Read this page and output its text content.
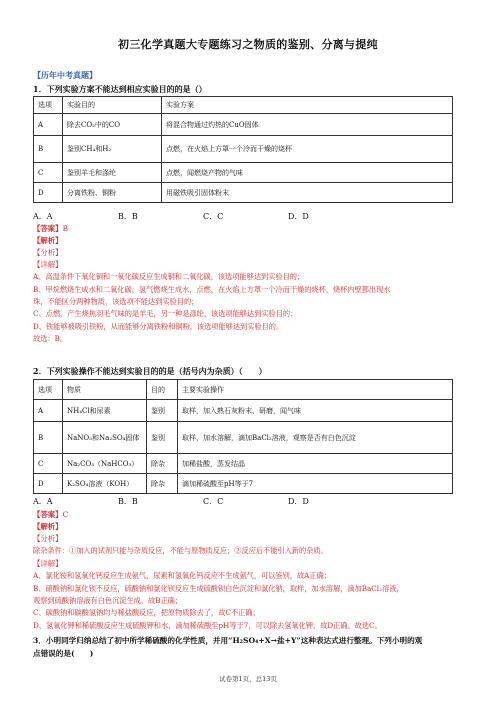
初三化学真题大专题练习之物质的鉴别、分离与提纯
【历年中考真题】
1．下列实验方案不能达到相应实验目的的是（）
选项	实验目的	实验方案
A	除去CO₂中的CO	将混合物通过灼热的CuO固体
B	鉴别CH₄和H₂	点燃，在火焰上方罩一个冷而干燥的烧杯
C	鉴别羊毛和涤纶	点燃，闻燃烧产物的气味
D	分离铁粉、铜粉	用磁铁吸引固体粉末
A．A	B．B	C．C	D．D
【答案】B
【解析】
【分析】
【详解】
A、高温条件下氧化铜和一氧化碳反应生成铜和二氧化碳，该选项能够达到实验目的；
B、甲烷燃烧生成水和二氧化碳，氢气燃烧生成水，点燃，在火焰上方罩一个冷而干燥的烧杯，烧杯内壁都出现水
珠，不能区分两种物质，该选项不能达到实验目的；
C、点燃，产生烧焦羽毛气味的是羊毛，另一种是涤纶，该选项能够达到实验目的；
D、铁能够被吸引铁粉，从而能够分离铁粉和铜粉，该选项能够达到实验目的。
故选：B。
2．下列实验操作不能达到实验目的的是（括号内为杂质）（　　）
选项	物质	目的	主要实验操作
A	NH₄Cl和尿素	鉴别	取样，加入熟石灰粉末、研磨，闻气味
B	NaNO₃和Na₂SO₄固体	鉴别	取样，加水溶解，滴加BaCl₂溶液，观察是否有白色沉淀
C	Na₂CO₃（NaHCO₃）	除杂	加稀盐酸，蒸发结晶
D	K₂SO₄溶液（KOH）	除杂	滴加稀硫酸至pH等于7
A．A	B．B	C．C	D．D
【答案】C
【解析】
【分析】
除杂条件：①加入的试剂只能与杂质反应，不能与原物质反应；②反应后不能引入新的杂质。
【详解】
A、氯化铵和氢氧化钙反应生成氨气，尿素和氢氧化钙反应不生成氨气，可以鉴别，故A正确；
B、硝酸钠和氯化钡不反应，硫酸钠和氯化钡反应生成硫酸钡白色沉淀和氯化钠，取样，加水溶解，滴加BaCl₂溶液，
观察到硫酸钠溶液有白色沉淀生成，故B正确；
C、碳酸钠和碳酸氢钠均与稀盐酸反应，把原物质除去了，故C不正确；
D、氢氧化钾和稀硫酸反应生成硫酸钾和水，滴加稀硫酸至pH等于7，可以除去氢氧化钾，故D正确。故选C。
3．小明同学归纳总结了初中所学稀硫酸的化学性质，并用“H₂SO₄+X→盐+Y”这种表达式进行整理。下列小明的观
点错误的是(　　)
试卷第1页，总13页
